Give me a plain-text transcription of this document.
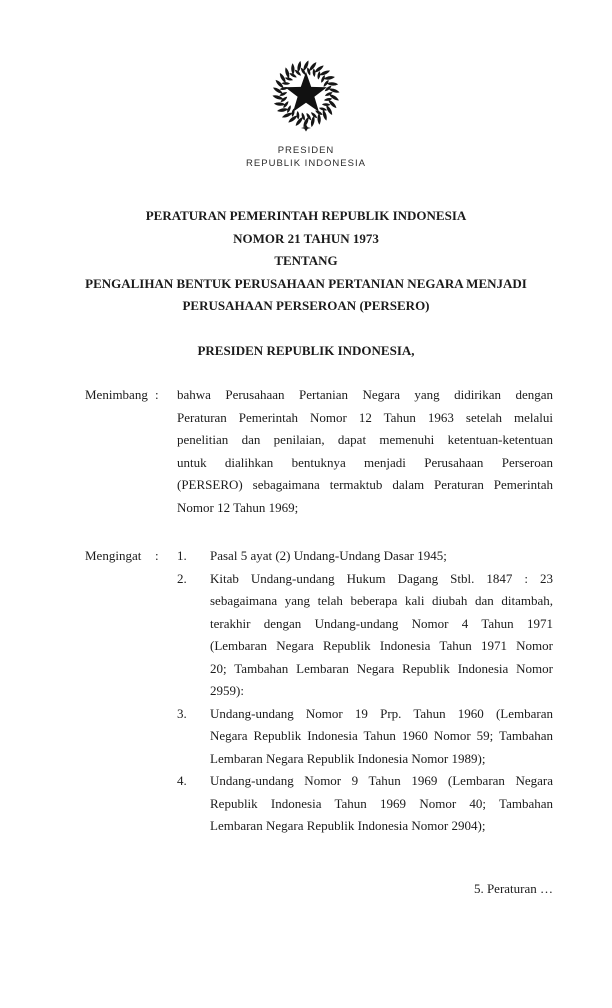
PRESIDEN
REPUBLIK INDONESIA
PERATURAN PEMERINTAH REPUBLIK INDONESIA
NOMOR 21 TAHUN 1973
TENTANG
PENGALIHAN BENTUK PERUSAHAAN PERTANIAN NEGARA MENJADI
PERUSAHAAN PERSEROAN (PERSERO)
PRESIDEN REPUBLIK INDONESIA,
Menimbang : bahwa Perusahaan Pertanian Negara yang didirikan dengan
Peraturan Pemerintah Nomor 12 Tahun 1963 setelah melalui
penelitian dan penilaian, dapat memenuhi ketentuan-ketentuan
untuk dialihkan bentuknya menjadi Perusahaan Perseroan
(PERSERO) sebagaimana termaktub dalam Peraturan Pemerintah
Nomor 12 Tahun 1969;
Mengingat : 1. Pasal 5 ayat (2) Undang-Undang Dasar 1945;
2. Kitab Undang-undang Hukum Dagang Stbl. 1847 : 23
sebagaimana yang telah beberapa kali diubah dan ditambah,
terakhir dengan Undang-undang Nomor 4 Tahun 1971
(Lembaran Negara Republik Indonesia Tahun 1971 Nomor
20; Tambahan Lembaran Negara Republik Indonesia Nomor
2959):
3. Undang-undang Nomor 19 Prp. Tahun 1960 (Lembaran
Negara Republik Indonesia Tahun 1960 Nomor 59; Tambahan
Lembaran Negara Republik Indonesia Nomor 1989);
4. Undang-undang Nomor 9 Tahun 1969 (Lembaran Negara
Republik Indonesia Tahun 1969 Nomor 40; Tambahan
Lembaran Negara Republik Indonesia Nomor 2904);
5. Peraturan …
